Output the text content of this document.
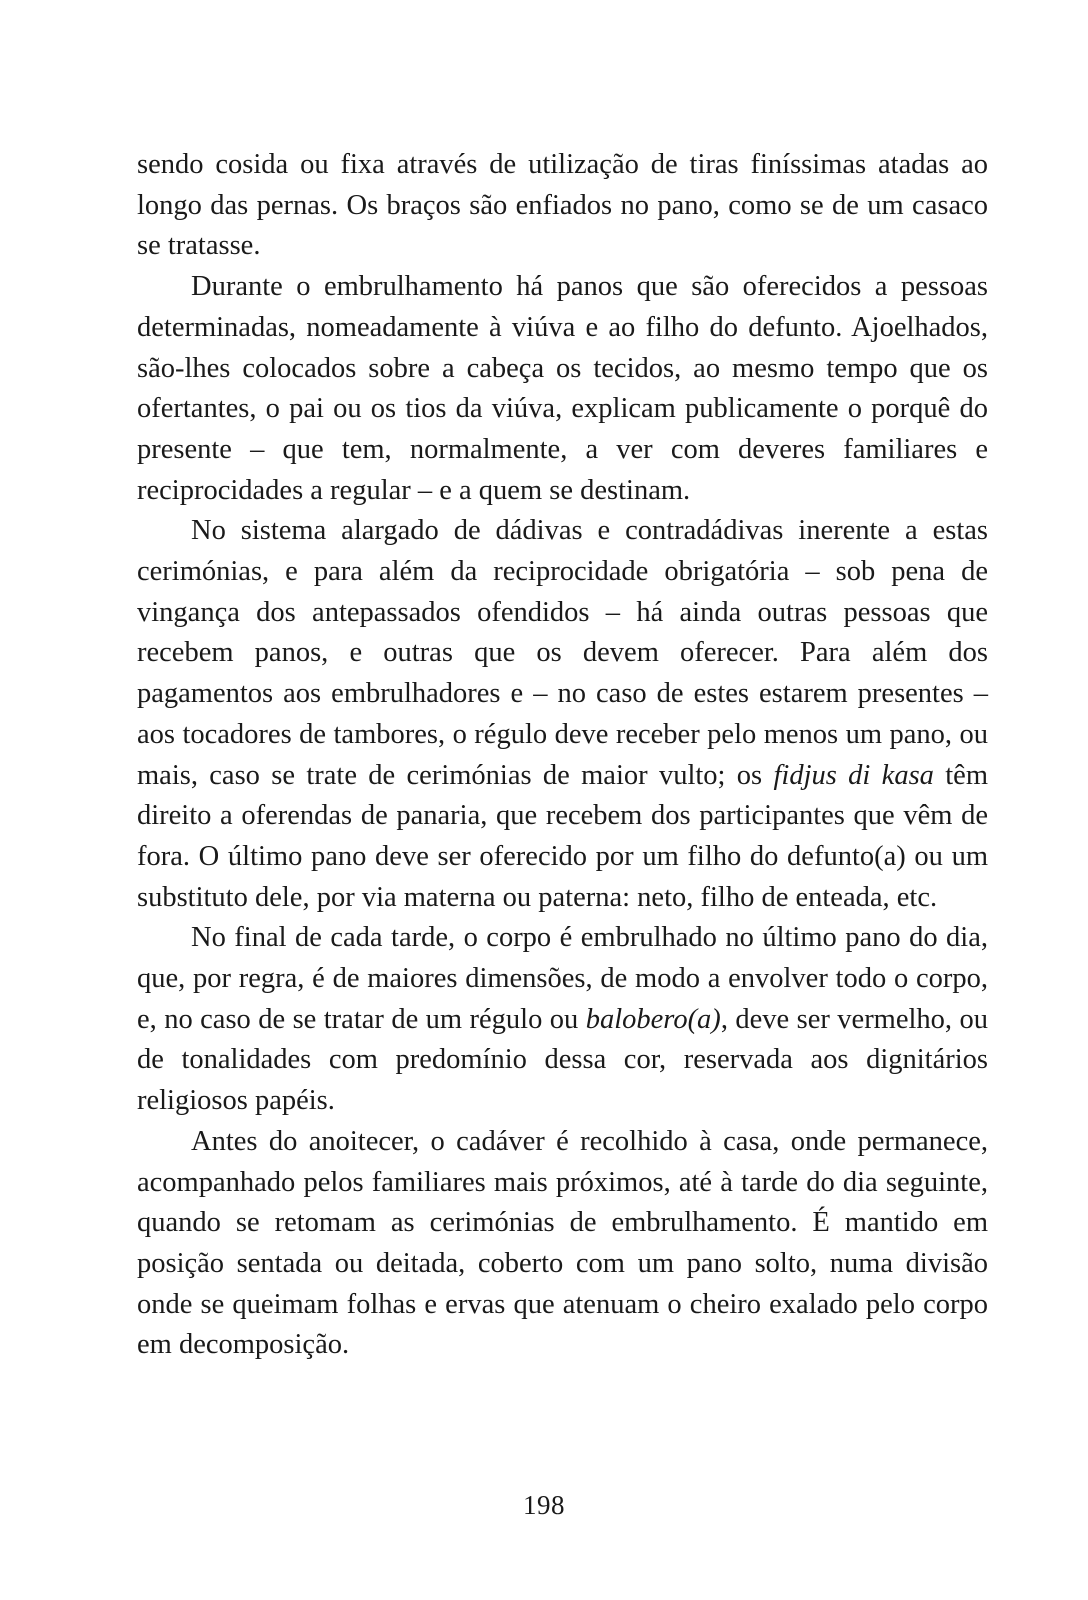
sendo cosida ou fixa através de utilização de tiras finíssimas atadas ao longo das pernas. Os braços são enfiados no pano, como se de um casaco se tratasse.

Durante o embrulhamento há panos que são oferecidos a pessoas determinadas, nomeadamente à viúva e ao filho do defunto. Ajoelhados, são-lhes colocados sobre a cabeça os tecidos, ao mesmo tempo que os ofertantes, o pai ou os tios da viúva, explicam publicamente o porquê do presente – que tem, normalmente, a ver com deveres familiares e reciprocidades a regular – e a quem se destinam.

No sistema alargado de dádivas e contradádivas inerente a estas cerimónias, e para além da reciprocidade obrigatória – sob pena de vingança dos antepassados ofendidos – há ainda outras pessoas que recebem panos, e outras que os devem oferecer. Para além dos pagamentos aos embrulhadores e – no caso de estes estarem presentes – aos tocadores de tambores, o régulo deve receber pelo menos um pano, ou mais, caso se trate de cerimónias de maior vulto; os fidjus di kasa têm direito a oferendas de panaria, que recebem dos participantes que vêm de fora. O último pano deve ser oferecido por um filho do defunto(a) ou um substituto dele, por via materna ou paterna: neto, filho de enteada, etc.

No final de cada tarde, o corpo é embrulhado no último pano do dia, que, por regra, é de maiores dimensões, de modo a envolver todo o corpo, e, no caso de se tratar de um régulo ou balobero(a), deve ser vermelho, ou de tonalidades com predomínio dessa cor, reservada aos dignitários religiosos papéis.

Antes do anoitecer, o cadáver é recolhido à casa, onde permanece, acompanhado pelos familiares mais próximos, até à tarde do dia seguinte, quando se retomam as cerimónias de embrulhamento. É mantido em posição sentada ou deitada, coberto com um pano solto, numa divisão onde se queimam folhas e ervas que atenuam o cheiro exalado pelo corpo em decomposição.

198
